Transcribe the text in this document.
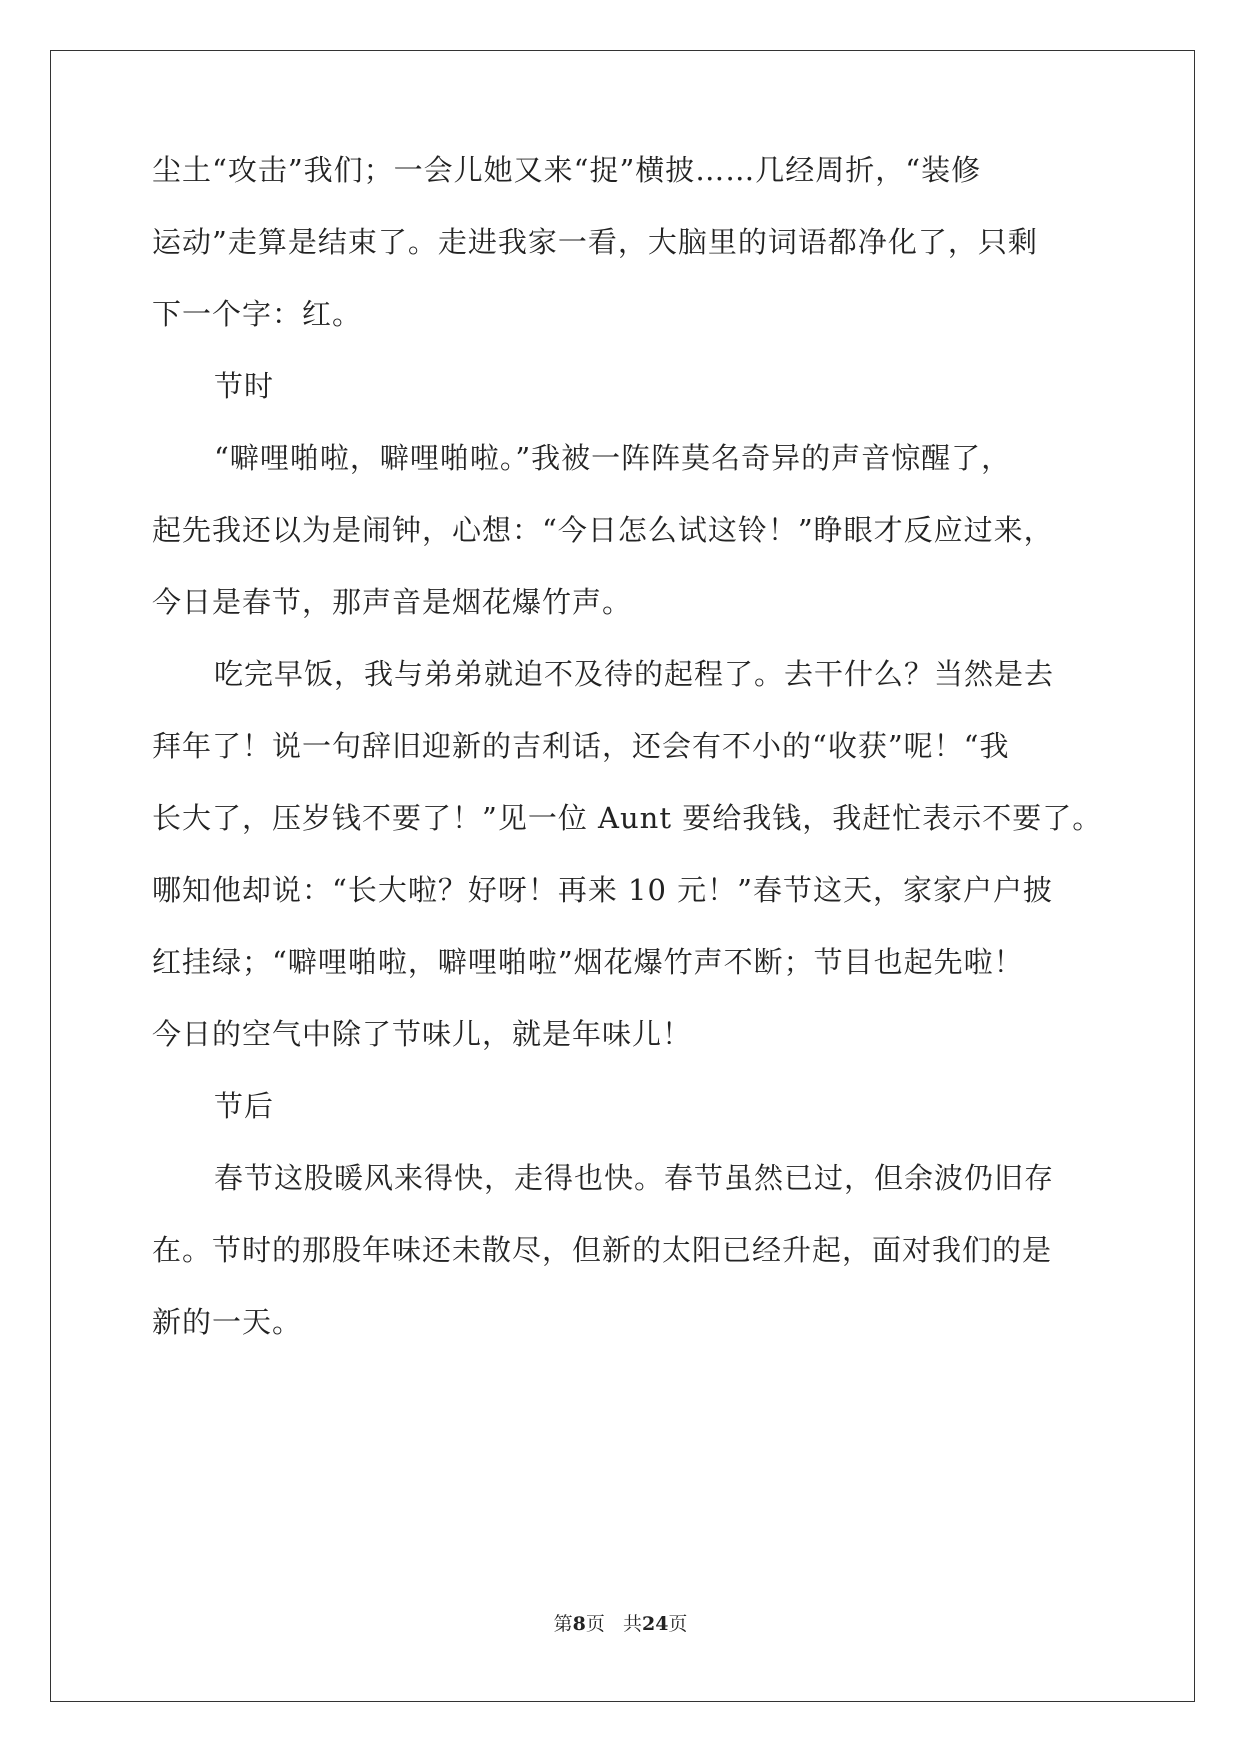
尘土“攻击”我们；一会儿她又来“捉”横披……几经周折，“装修
运动”走算是结束了。走进我家一看，大脑里的词语都净化了，只剩
下一个字：红。
节时
“噼哩啪啦，噼哩啪啦。”我被一阵阵莫名奇异的声音惊醒了，
起先我还以为是闹钟，心想：“今日怎么试这铃！”睁眼才反应过来，
今日是春节，那声音是烟花爆竹声。
吃完早饭，我与弟弟就迫不及待的起程了。去干什么？当然是去
拜年了！说一句辞旧迎新的吉利话，还会有不小的“收获”呢！“我
长大了，压岁钱不要了！”见一位 Aunt 要给我钱，我赶忙表示不要了。
哪知他却说：“长大啦？好呀！再来 10 元！”春节这天，家家户户披
红挂绿；“噼哩啪啦，噼哩啪啦”烟花爆竹声不断；节目也起先啦！
今日的空气中除了节味儿，就是年味儿！
节后
春节这股暖风来得快，走得也快。春节虽然已过，但余波仍旧存
在。节时的那股年味还未散尽，但新的太阳已经升起，面对我们的是
新的一天。
第8页 共24页
